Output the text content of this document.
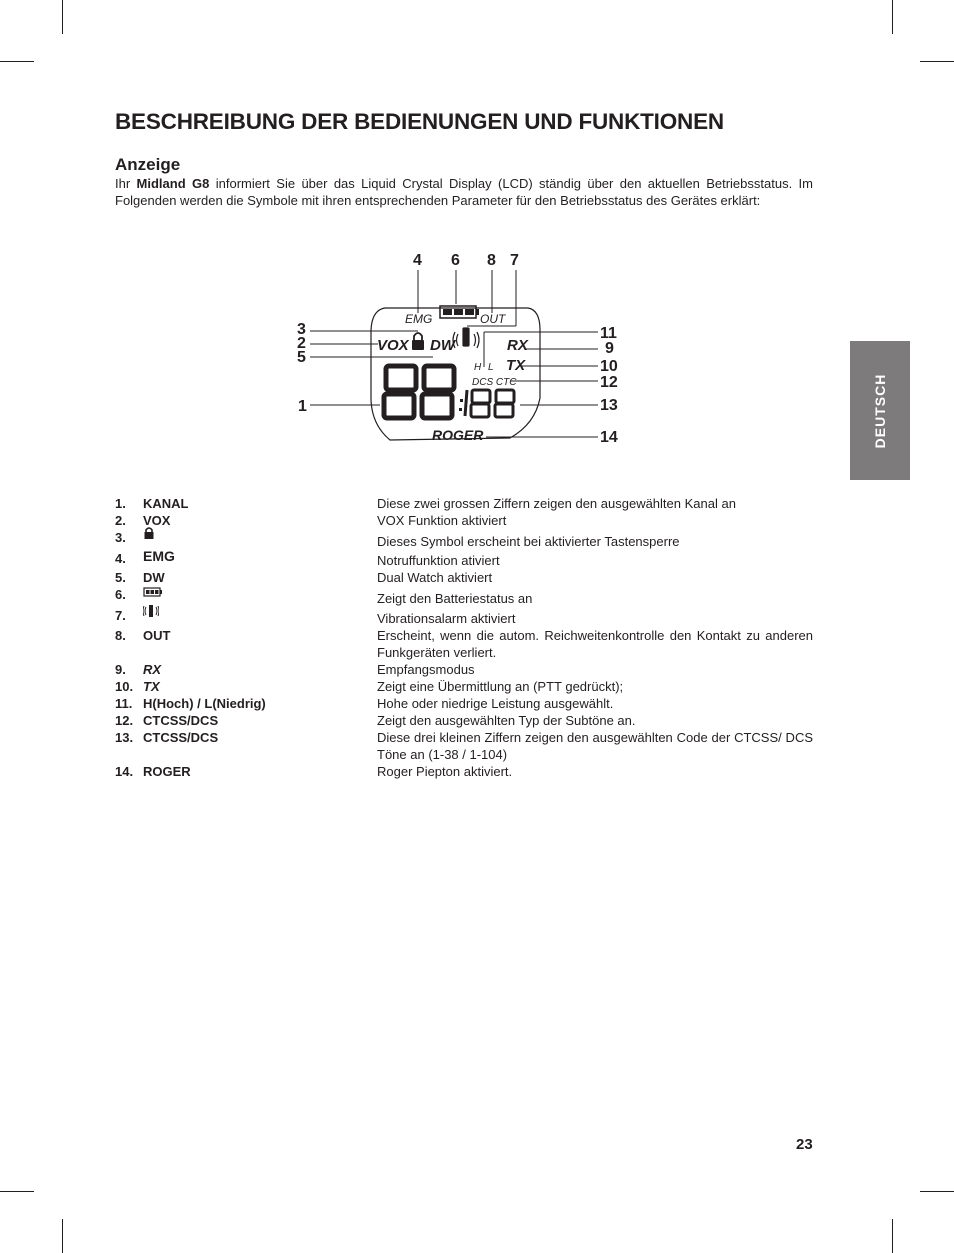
BESCHREIBUNG DER BEDIENUNGEN UND FUNKTIONEN
Anzeige

Ihr Midland G8 informiert Sie über das Liquid Crystal Display (LCD) ständig über den aktuellen Betriebsstatus. Im Folgenden werden die Symbole mit ihren entsprechenden Parameter für den Betriebsstatus des Gerätes erklärt:

DEUTSCH
4 6 8 7
3
2
5
1
11
9
10
12
13
14
EMG	OUT
VOX DW	RX
TX
H L
DCS CTC
ROGER
1. KANAL	Diese zwei grossen Ziffern zeigen den ausgewählten Kanal an
2. VOX	VOX Funktion aktiviert
3.	Dieses Symbol erscheint bei aktivierter Tastensperre
4. EMG	Notruffunktion ativiert
5. DW	Dual Watch aktiviert
6.	Zeigt den Batteriestatus an
7.	Vibrationsalarm aktiviert
8. OUT	Erscheint, wenn die autom. Reichweitenkontrolle den Kontakt zu anderen Funkgeräten verliert.
9. RX	Empfangsmodus
10. TX	Zeigt eine Übermittlung an (PTT gedrückt);
11. H(Hoch) / L(Niedrig)	Hohe oder niedrige Leistung ausgewählt.
12. CTCSS/DCS	Zeigt den ausgewählten Typ der Subtöne an.
13. CTCSS/DCS	Diese drei kleinen Ziffern zeigen den ausgewählten Code der CTCSS/ DCS Töne an (1-38 / 1-104)
14. ROGER	Roger Piepton aktiviert.
23
